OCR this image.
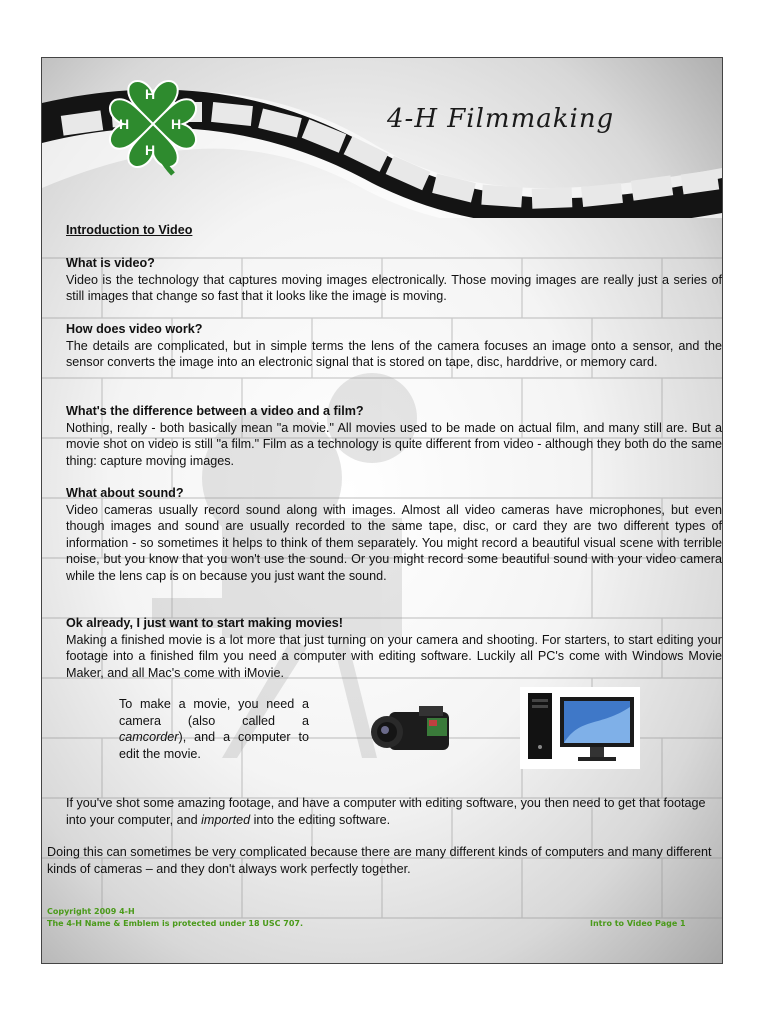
H
H
H
H	4-H Filmmaking
Introduction to Video
What is video?
Video is the technology that captures moving images electronically. Those moving images are really just a series of still images that change so fast that it looks like the image is moving.
How does video work?
The details are complicated, but in simple terms the lens of the camera focuses an image onto a sensor, and the sensor converts the image into an electronic signal that is stored on tape, disc, harddrive, or memory card.
What's the difference between a video and a film?
Nothing, really - both basically mean "a movie." All movies used to be made on actual film, and many still are. But a movie shot on video is still "a film." Film as a technology is quite different from video - although they both do the same thing: capture moving images.
What about sound?
Video cameras usually record sound along with images. Almost all video cameras have microphones, but even though images and sound are usually recorded to the same tape, disc, or card they are two different types of information - so sometimes it helps to think of them separately. You might record a beautiful visual scene with terrible noise, but you know that you won't use the sound. Or you might record some beautiful sound with your video camera while the lens cap is on because you just want the sound.
Ok already, I just want to start making movies!
Making a finished movie is a lot more that just turning on your camera and shooting. For starters, to start editing your footage into a finished film you need a computer with editing software. Luckily all PC's come with Windows Movie Maker, and all Mac's come with iMovie.
To make a movie, you need a camera (also called a camcorder), and a computer to edit the movie.
If you've shot some amazing footage, and have a computer with editing software, you then need to get that footage into your computer, and imported into the editing software.
Doing this can sometimes be very complicated because there are many different kinds of computers and many different kinds of cameras – and they don't always work perfectly together.
Copyright 2009 4-H
The 4-H Name & Emblem is protected under 18 USC 707.	Intro to Video Page 1
